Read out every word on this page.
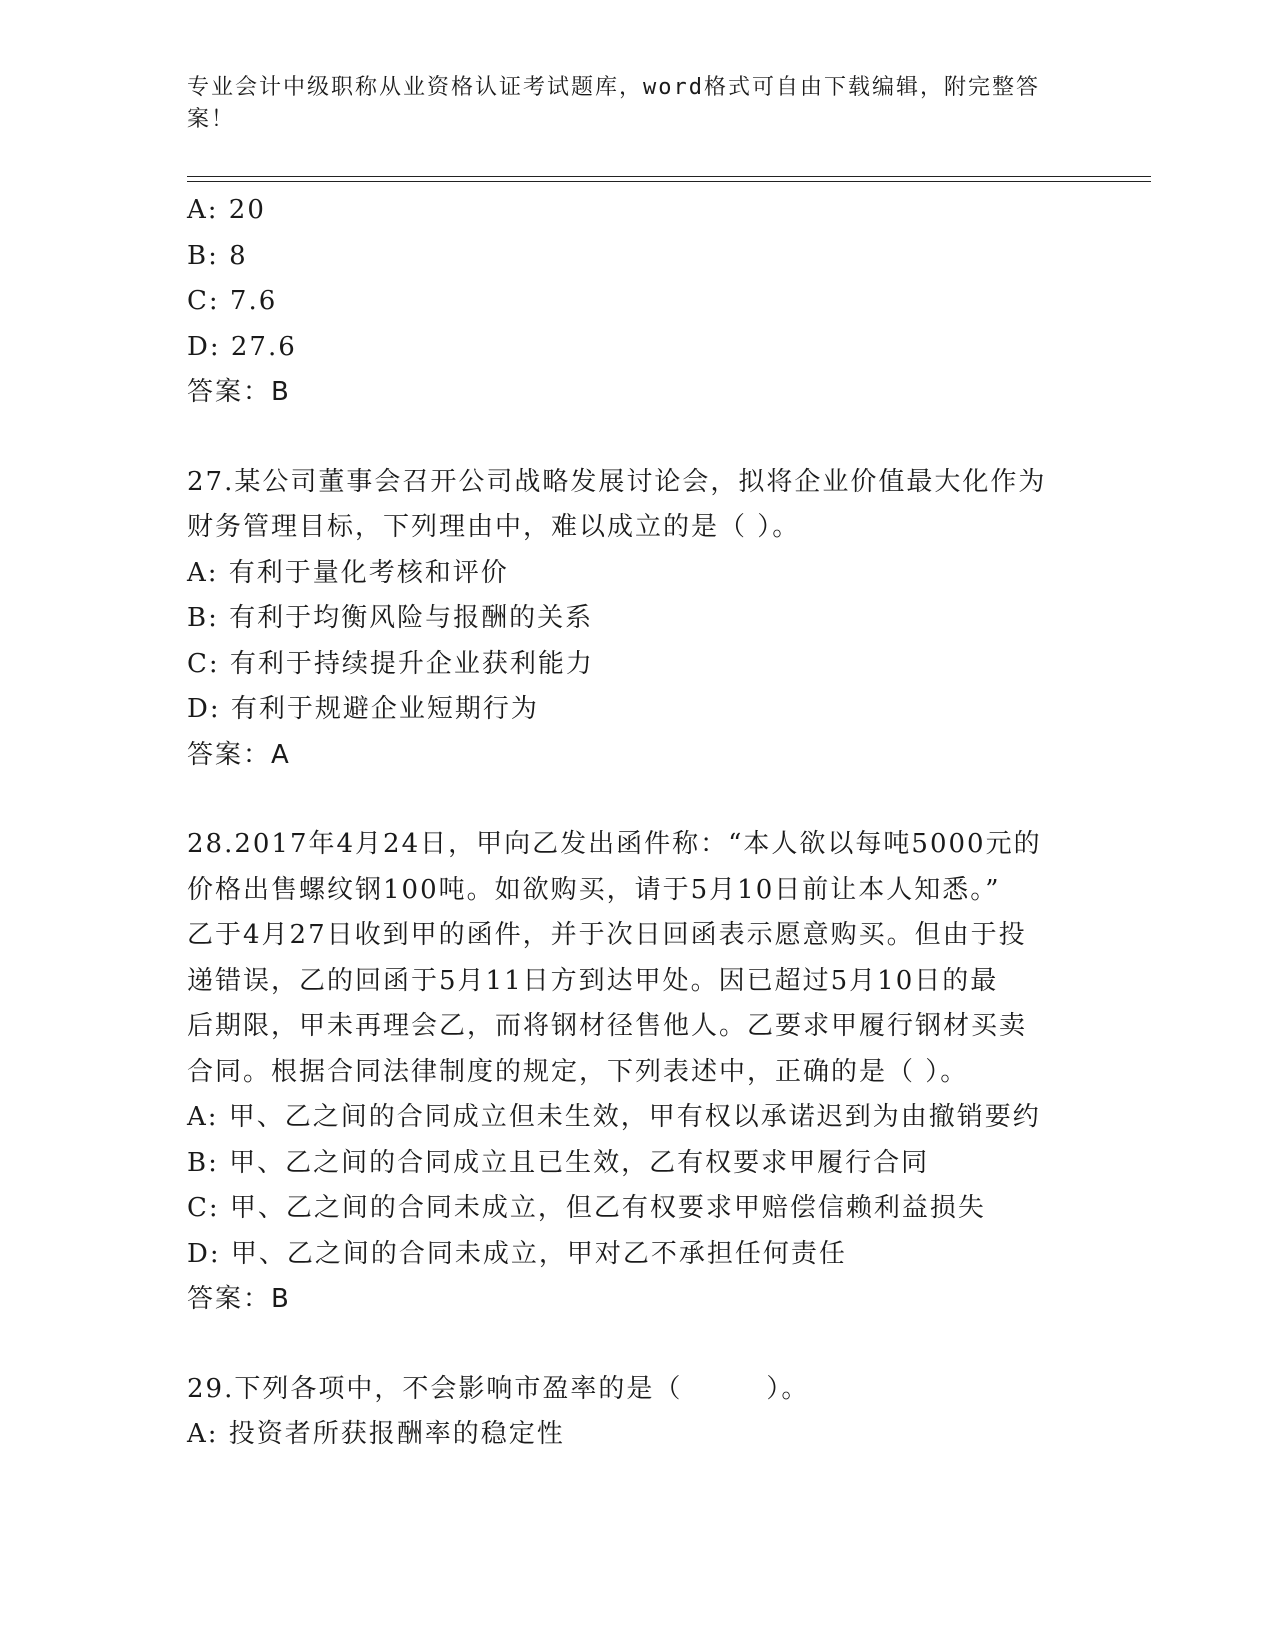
专业会计中级职称从业资格认证考试题库，word格式可自由下载编辑，附完整答
案！
A: 20
B: 8
C: 7.6
D: 27.6
答案：B
27.某公司董事会召开公司战略发展讨论会，拟将企业价值最大化作为
财务管理目标，下列理由中，难以成立的是（ ）。
A: 有利于量化考核和评价
B: 有利于均衡风险与报酬的关系
C: 有利于持续提升企业获利能力
D: 有利于规避企业短期行为
答案：A
28.2017年4月24日，甲向乙发出函件称：“本人欲以每吨5000元的
价格出售螺纹钢100吨。如欲购买，请于5月10日前让本人知悉。”
乙于4月27日收到甲的函件，并于次日回函表示愿意购买。但由于投
递错误，乙的回函于5月11日方到达甲处。因已超过5月10日的最
后期限，甲未再理会乙，而将钢材径售他人。乙要求甲履行钢材买卖
合同。根据合同法律制度的规定，下列表述中，正确的是（ ）。
A: 甲、乙之间的合同成立但未生效，甲有权以承诺迟到为由撤销要约
B: 甲、乙之间的合同成立且已生效，乙有权要求甲履行合同
C: 甲、乙之间的合同未成立，但乙有权要求甲赔偿信赖利益损失
D: 甲、乙之间的合同未成立，甲对乙不承担任何责任
答案：B
29.下列各项中，不会影响市盈率的是（　　　）。
A: 投资者所获报酬率的稳定性
